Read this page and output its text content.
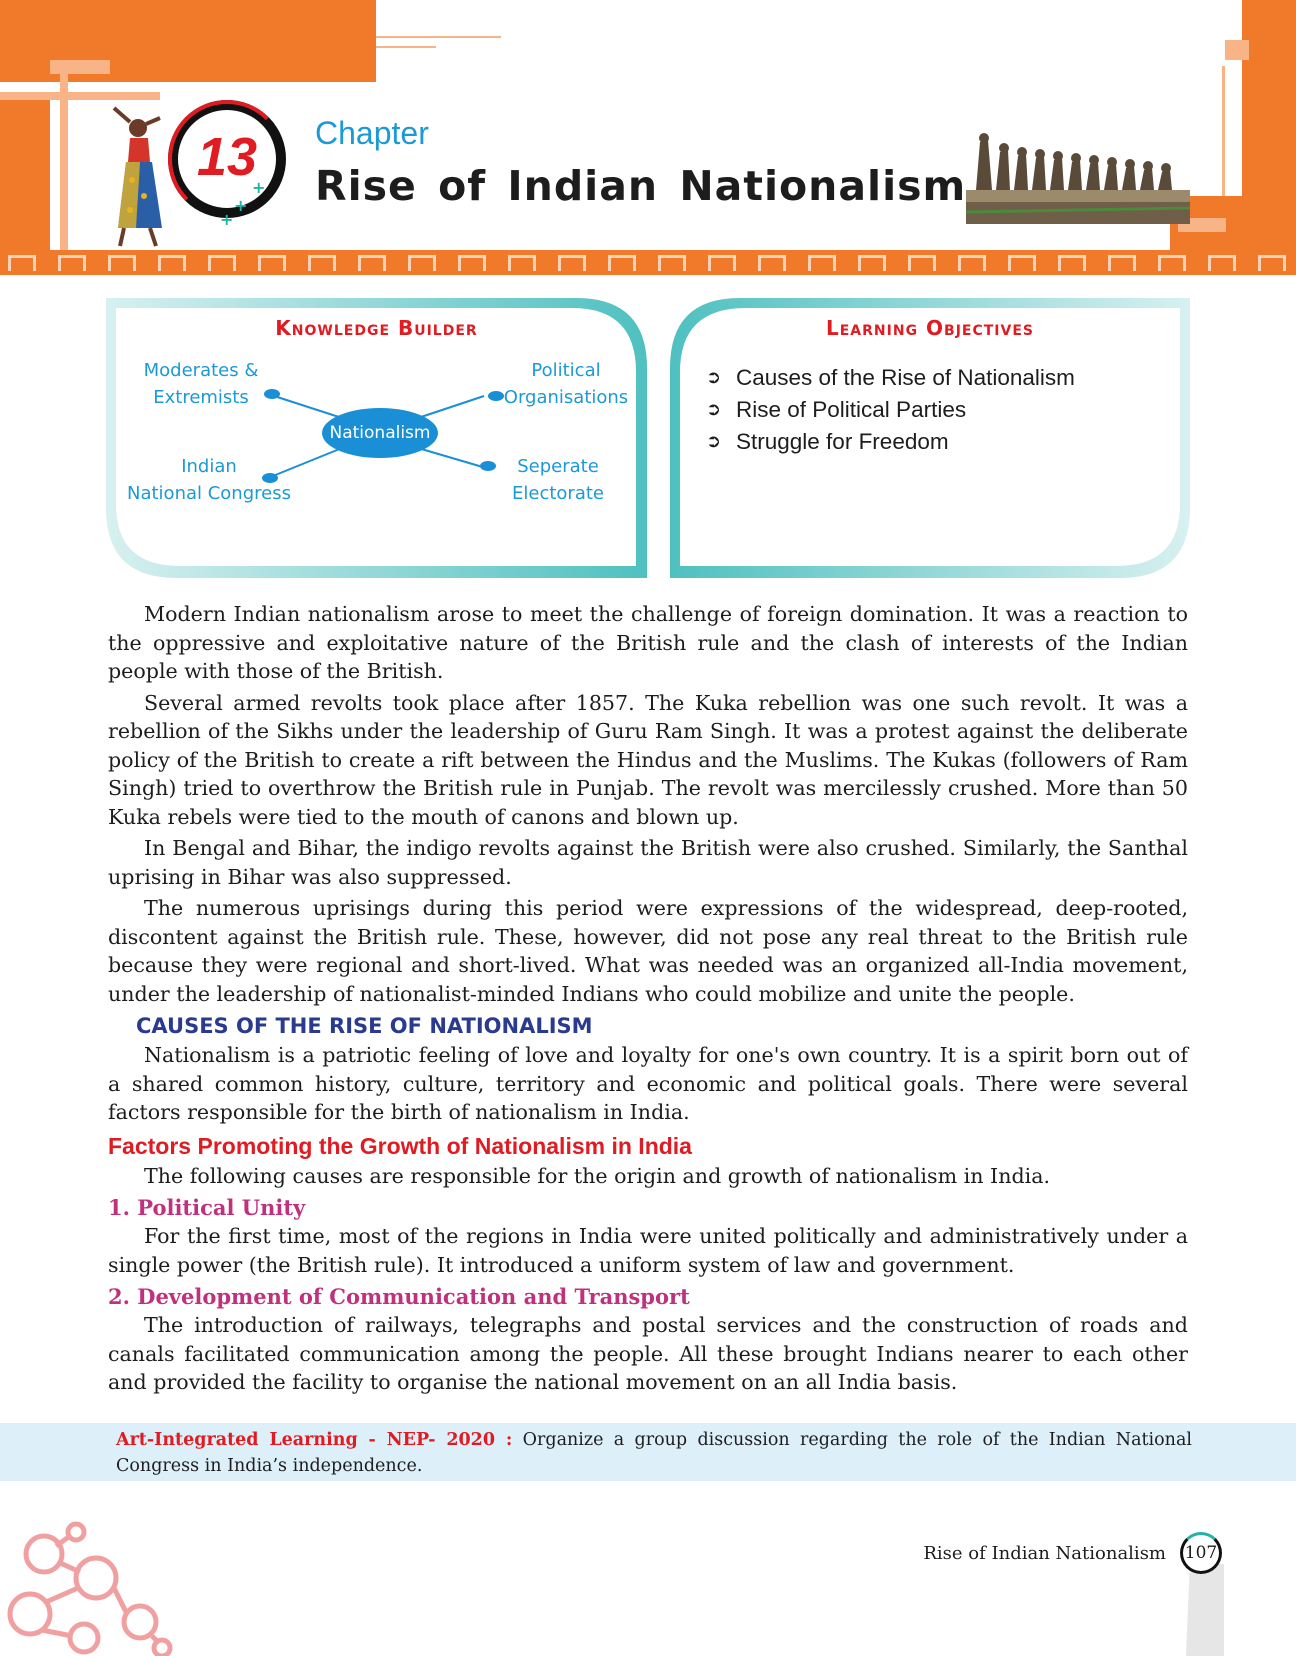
13
+
+
+
Chapter
Rise of Indian Nationalism
Knowledge Builder
Nationalism
Moderates &
Extremists
Political
Organisations
Indian
National Congress
Seperate
Electorate
Learning Objectives
➲ Causes of the Rise of Nationalism
➲ Rise of Political Parties
➲ Struggle for Freedom

Modern Indian nationalism arose to meet the challenge of foreign domination. It was a reaction to the oppressive and exploitative nature of the British rule and the clash of interests of the Indian people with those of the British.

Several armed revolts took place after 1857. The Kuka rebellion was one such revolt. It was a rebellion of the Sikhs under the leadership of Guru Ram Singh. It was a protest against the deliberate policy of the British to create a rift between the Hindus and the Muslims. The Kukas (followers of Ram Singh) tried to overthrow the British rule in Punjab. The revolt was mercilessly crushed. More than 50 Kuka rebels were tied to the mouth of canons and blown up.

In Bengal and Bihar, the indigo revolts against the British were also crushed. Similarly, the Santhal uprising in Bihar was also suppressed.

The numerous uprisings during this period were expressions of the widespread, deep-rooted, discontent against the British rule. These, however, did not pose any real threat to the British rule because they were regional and short-lived. What was needed was an organized all-India movement, under the leadership of nationalist-minded Indians who could mobilize and unite the people.

CAUSES OF THE RISE OF NATIONALISM

Nationalism is a patriotic feeling of love and loyalty for one's own country. It is a spirit born out of a shared common history, culture, territory and economic and political goals. There were several factors responsible for the birth of nationalism in India.

Factors Promoting the Growth of Nationalism in India

The following causes are responsible for the origin and growth of nationalism in India.

1. Political Unity

For the first time, most of the regions in India were united politically and administratively under a single power (the British rule). It introduced a uniform system of law and government.

2. Development of Communication and Transport

The introduction of railways, telegraphs and postal services and the construction of roads and canals facilitated communication among the people. All these brought Indians nearer to each other and provided the facility to organise the national movement on an all India basis.

Art-Integrated Learning - NEP- 2020 : Organize a group discussion regarding the role of the Indian National Congress in India’s independence.
Rise of Indian Nationalism 107
